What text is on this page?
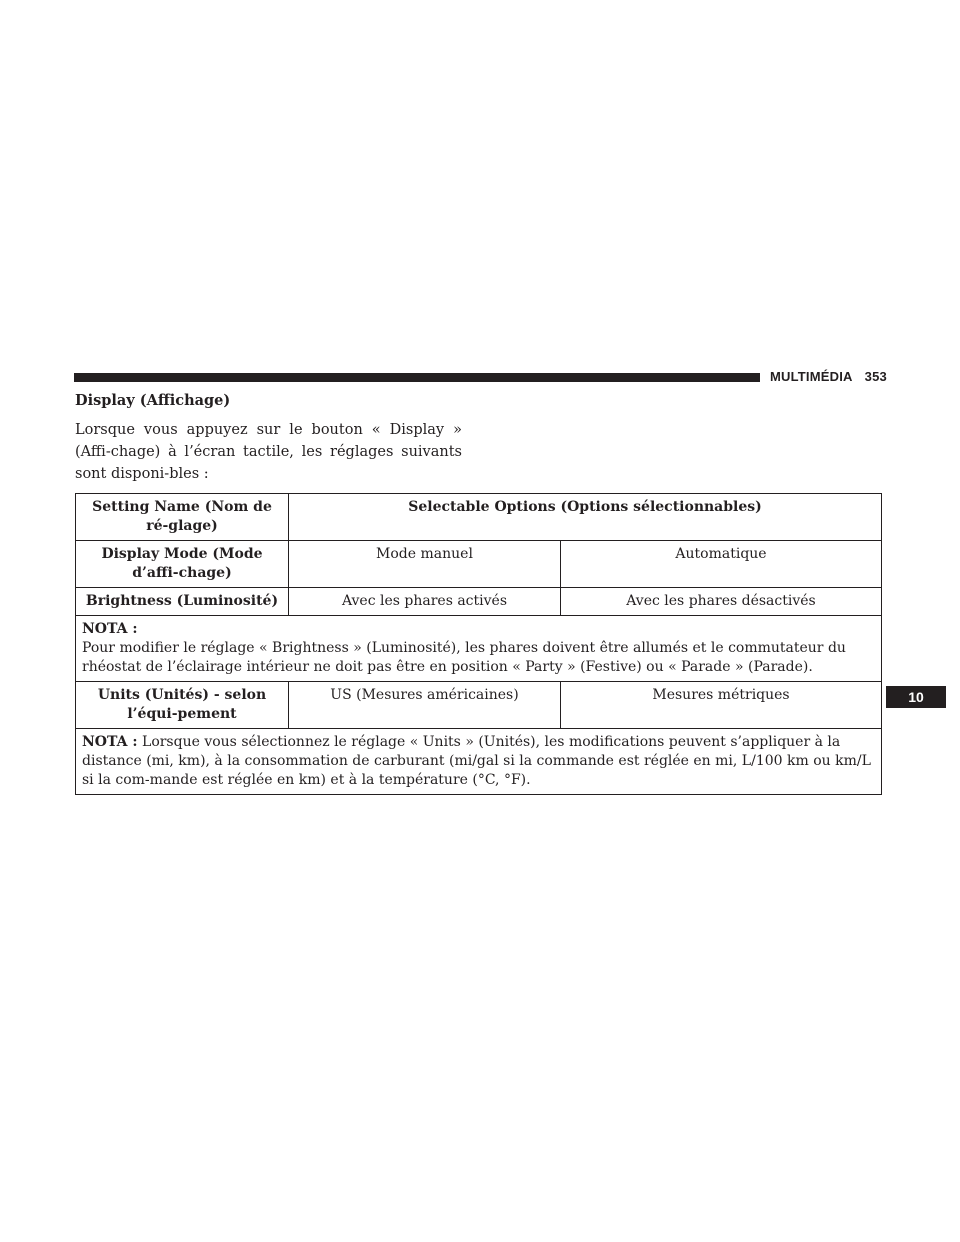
MULTIMÉDIA 353
Display (Affichage)

Lorsque vous appuyez sur le bouton « Display » (Affi-chage) à l’écran tactile, les réglages suivants sont disponi-bles :

Setting Name (Nom de ré-glage)	Selectable Options (Options sélectionnables)	
Display Mode (Mode d’affi-chage)	Mode manuel	Automatique
Brightness (Luminosité)	Avec les phares activés	Avec les phares désactivés
NOTA :
Pour modifier le réglage « Brightness » (Luminosité), les phares doivent être allumés et le commutateur du rhéostat de l’éclairage intérieur ne doit pas être en position « Party » (Festive) ou « Parade » (Parade).		
Units (Unités) - selon l’équi-pement	US (Mesures américaines)	Mesures métriques
NOTA : Lorsque vous sélectionnez le réglage « Units » (Unités), les modifications peuvent s’appliquer à la distance (mi, km), à la consommation de carburant (mi/gal si la commande est réglée en mi, L/100 km ou km/L si la com-mande est réglée en km) et à la température (°C, °F).		
10
